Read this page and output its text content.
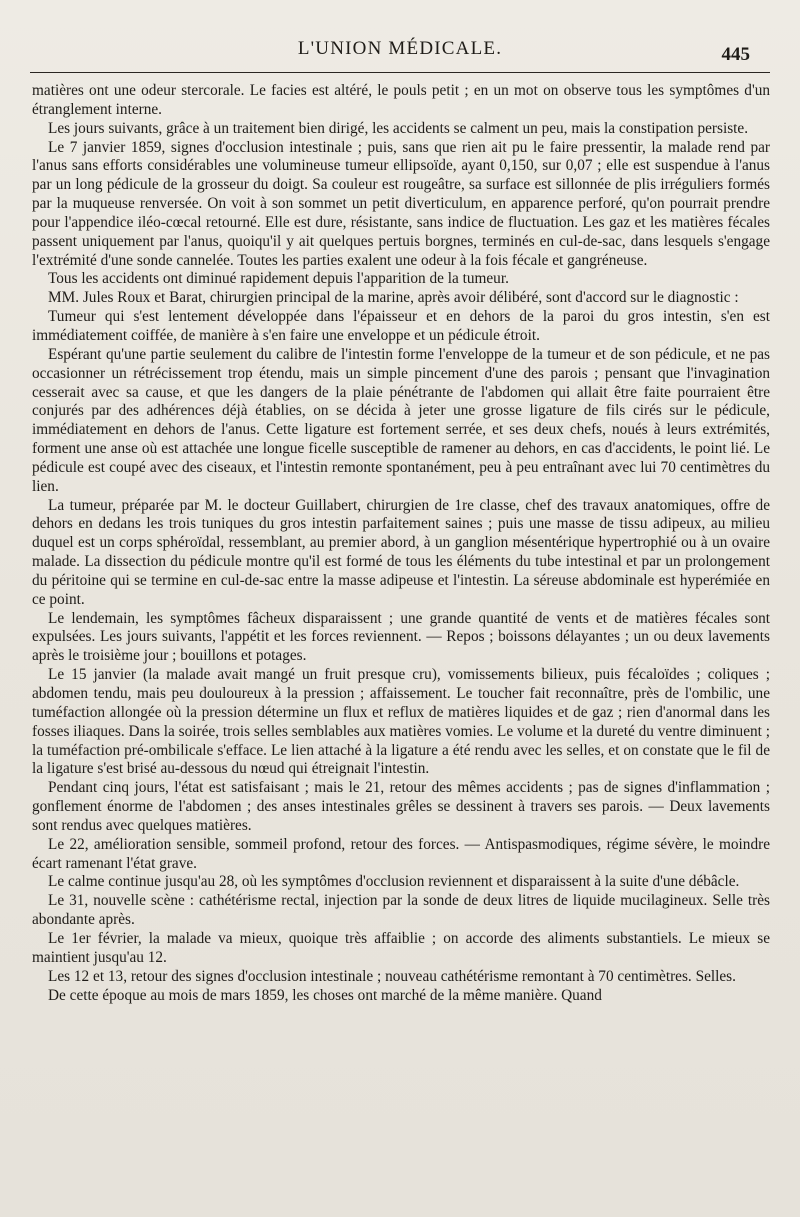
L'UNION MÉDICALE.	445

matières ont une odeur stercorale. Le facies est altéré, le pouls petit ; en un mot on observe tous les symptômes d'un étranglement interne.

Les jours suivants, grâce à un traitement bien dirigé, les accidents se calment un peu, mais la constipation persiste.

Le 7 janvier 1859, signes d'occlusion intestinale ; puis, sans que rien ait pu le faire pressentir, la malade rend par l'anus sans efforts considérables une volumineuse tumeur ellipsoïde, ayant 0,150, sur 0,07 ; elle est suspendue à l'anus par un long pédicule de la grosseur du doigt. Sa couleur est rougeâtre, sa surface est sillonnée de plis irréguliers formés par la muqueuse renversée. On voit à son sommet un petit diverticulum, en apparence perforé, qu'on pourrait prendre pour l'appendice iléo-cœcal retourné. Elle est dure, résistante, sans indice de fluctuation. Les gaz et les matières fécales passent uniquement par l'anus, quoiqu'il y ait quelques pertuis borgnes, terminés en cul-de-sac, dans lesquels s'engage l'extrémité d'une sonde cannelée. Toutes les parties exalent une odeur à la fois fécale et gangréneuse.

Tous les accidents ont diminué rapidement depuis l'apparition de la tumeur.

MM. Jules Roux et Barat, chirurgien principal de la marine, après avoir délibéré, sont d'accord sur le diagnostic :

Tumeur qui s'est lentement développée dans l'épaisseur et en dehors de la paroi du gros intestin, s'en est immédiatement coiffée, de manière à s'en faire une enveloppe et un pédicule étroit.

Espérant qu'une partie seulement du calibre de l'intestin forme l'enveloppe de la tumeur et de son pédicule, et ne pas occasionner un rétrécissement trop étendu, mais un simple pincement d'une des parois ; pensant que l'invagination cesserait avec sa cause, et que les dangers de la plaie pénétrante de l'abdomen qui allait être faite pourraient être conjurés par des adhérences déjà établies, on se décida à jeter une grosse ligature de fils cirés sur le pédicule, immédiatement en dehors de l'anus. Cette ligature est fortement serrée, et ses deux chefs, noués à leurs extrémités, forment une anse où est attachée une longue ficelle susceptible de ramener au dehors, en cas d'accidents, le point lié. Le pédicule est coupé avec des ciseaux, et l'intestin remonte spontanément, peu à peu entraînant avec lui 70 centimètres du lien.

La tumeur, préparée par M. le docteur Guillabert, chirurgien de 1re classe, chef des travaux anatomiques, offre de dehors en dedans les trois tuniques du gros intestin parfaitement saines ; puis une masse de tissu adipeux, au milieu duquel est un corps sphéroïdal, ressemblant, au premier abord, à un ganglion mésentérique hypertrophié ou à un ovaire malade. La dissection du pédicule montre qu'il est formé de tous les éléments du tube intestinal et par un prolongement du péritoine qui se termine en cul-de-sac entre la masse adipeuse et l'intestin. La séreuse abdominale est hyperémiée en ce point.

Le lendemain, les symptômes fâcheux disparaissent ; une grande quantité de vents et de matières fécales sont expulsées. Les jours suivants, l'appétit et les forces reviennent. — Repos ; boissons délayantes ; un ou deux lavements après le troisième jour ; bouillons et potages.

Le 15 janvier (la malade avait mangé un fruit presque cru), vomissements bilieux, puis fécaloïdes ; coliques ; abdomen tendu, mais peu douloureux à la pression ; affaissement. Le toucher fait reconnaître, près de l'ombilic, une tuméfaction allongée où la pression détermine un flux et reflux de matières liquides et de gaz ; rien d'anormal dans les fosses iliaques. Dans la soirée, trois selles semblables aux matières vomies. Le volume et la dureté du ventre diminuent ; la tuméfaction pré-ombilicale s'efface. Le lien attaché à la ligature a été rendu avec les selles, et on constate que le fil de la ligature s'est brisé au-dessous du nœud qui étreignait l'intestin.

Pendant cinq jours, l'état est satisfaisant ; mais le 21, retour des mêmes accidents ; pas de signes d'inflammation ; gonflement énorme de l'abdomen ; des anses intestinales grêles se dessinent à travers ses parois. — Deux lavements sont rendus avec quelques matières.

Le 22, amélioration sensible, sommeil profond, retour des forces. — Antispasmodiques, régime sévère, le moindre écart ramenant l'état grave.

Le calme continue jusqu'au 28, où les symptômes d'occlusion reviennent et disparaissent à la suite d'une débâcle.

Le 31, nouvelle scène : cathétérisme rectal, injection par la sonde de deux litres de liquide mucilagineux. Selle très abondante après.

Le 1er février, la malade va mieux, quoique très affaiblie ; on accorde des aliments substantiels. Le mieux se maintient jusqu'au 12.

Les 12 et 13, retour des signes d'occlusion intestinale ; nouveau cathétérisme remontant à 70 centimètres. Selles.

De cette époque au mois de mars 1859, les choses ont marché de la même manière. Quand
